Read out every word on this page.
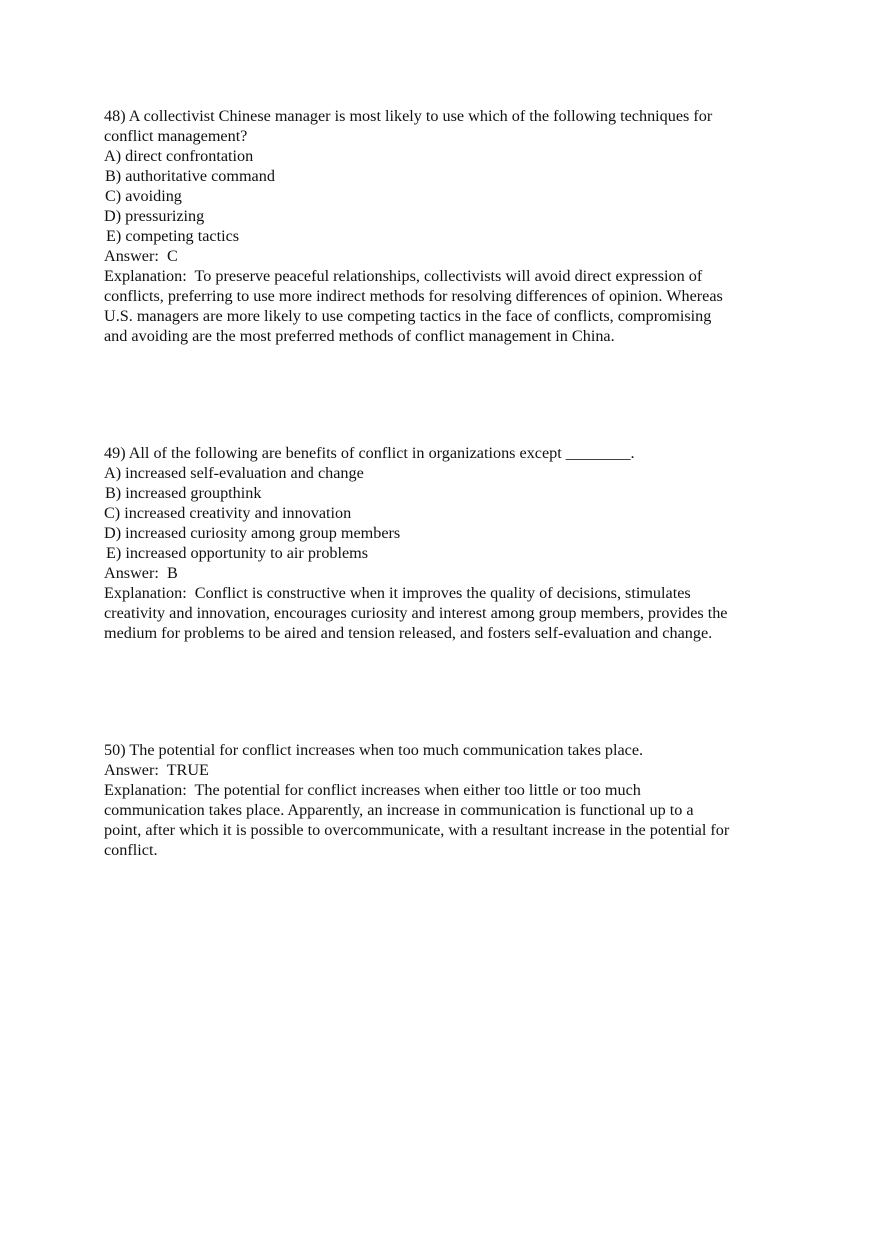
48) A collectivist Chinese manager is most likely to use which of the following techniques for
conflict management?
A) direct confrontation
B) authoritative command
C) avoiding
D) pressurizing
E) competing tactics
Answer:  C
Explanation:  To preserve peaceful relationships, collectivists will avoid direct expression of
conflicts, preferring to use more indirect methods for resolving differences of opinion. Whereas
U.S. managers are more likely to use competing tactics in the face of conflicts, compromising
and avoiding are the most preferred methods of conflict management in China.
49) All of the following are benefits of conflict in organizations except ________.
A) increased self-evaluation and change
B) increased groupthink
C) increased creativity and innovation
D) increased curiosity among group members
E) increased opportunity to air problems
Answer:  B
Explanation:  Conflict is constructive when it improves the quality of decisions, stimulates
creativity and innovation, encourages curiosity and interest among group members, provides the
medium for problems to be aired and tension released, and fosters self-evaluation and change.
50) The potential for conflict increases when too much communication takes place.
Answer:  TRUE
Explanation:  The potential for conflict increases when either too little or too much
communication takes place. Apparently, an increase in communication is functional up to a
point, after which it is possible to overcommunicate, with a resultant increase in the potential for
conflict.
